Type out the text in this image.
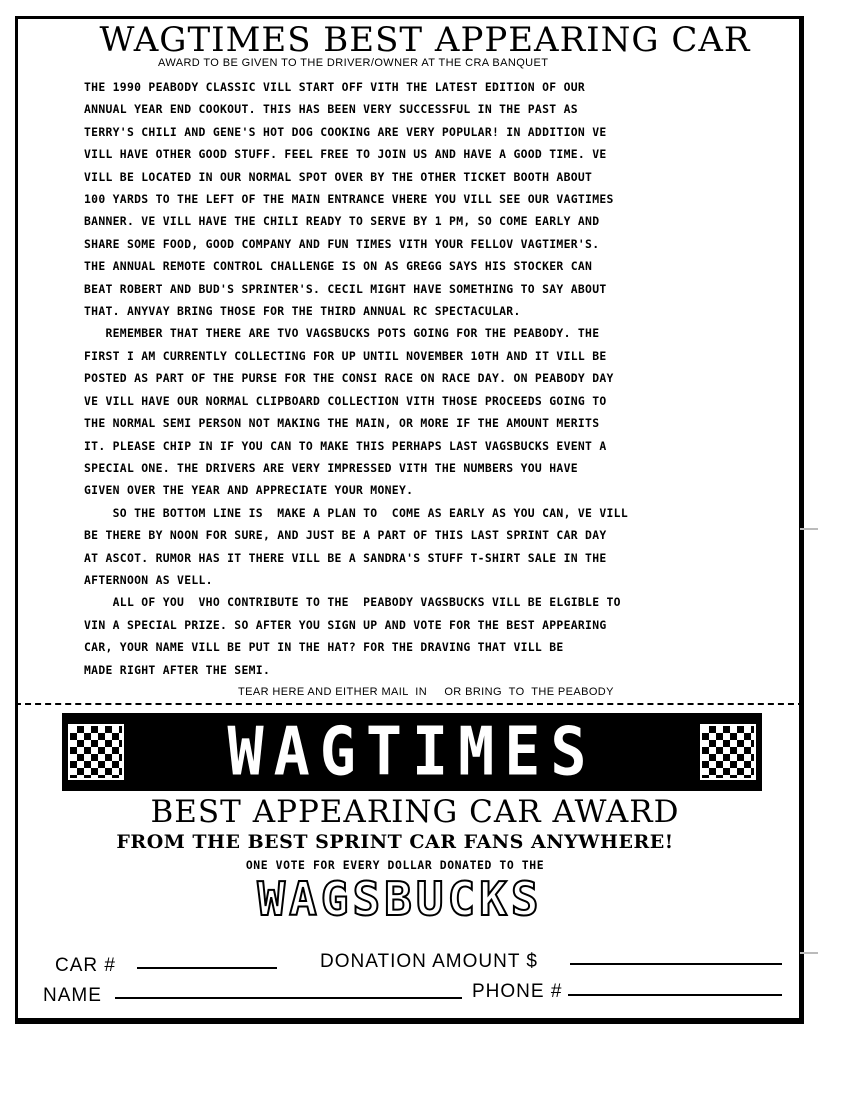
WAGTIMES BEST APPEARING CAR
AWARD TO BE GIVEN TO THE DRIVER/OWNER AT THE CRA BANQUET
THE 1990 PEABODY CLASSIC VILL START OFF VITH THE LATEST EDITION OF OUR
ANNUAL YEAR END COOKOUT. THIS HAS BEEN VERY SUCCESSFUL IN THE PAST AS
TERRY'S CHILI AND GENE'S HOT DOG COOKING ARE VERY POPULAR! IN ADDITION VE
VILL HAVE OTHER GOOD STUFF. FEEL FREE TO JOIN US AND HAVE A GOOD TIME. VE
VILL BE LOCATED IN OUR NORMAL SPOT OVER BY THE OTHER TICKET BOOTH ABOUT
100 YARDS TO THE LEFT OF THE MAIN ENTRANCE VHERE YOU VILL SEE OUR VAGTIMES
BANNER. VE VILL HAVE THE CHILI READY TO SERVE BY 1 PM, SO COME EARLY AND
SHARE SOME FOOD, GOOD COMPANY AND FUN TIMES VITH YOUR FELLOV VAGTIMER'S.
THE ANNUAL REMOTE CONTROL CHALLENGE IS ON AS GREGG SAYS HIS STOCKER CAN
BEAT ROBERT AND BUD'S SPRINTER'S. CECIL MIGHT HAVE SOMETHING TO SAY ABOUT
THAT. ANYVAY BRING THOSE FOR THE THIRD ANNUAL RC SPECTACULAR.
REMEMBER THAT THERE ARE TVO VAGSBUCKS POTS GOING FOR THE PEABODY. THE
FIRST I AM CURRENTLY COLLECTING FOR UP UNTIL NOVEMBER 10TH AND IT VILL BE
POSTED AS PART OF THE PURSE FOR THE CONSI RACE ON RACE DAY. ON PEABODY DAY
VE VILL HAVE OUR NORMAL CLIPBOARD COLLECTION VITH THOSE PROCEEDS GOING TO
THE NORMAL SEMI PERSON NOT MAKING THE MAIN, OR MORE IF THE AMOUNT MERITS
IT. PLEASE CHIP IN IF YOU CAN TO MAKE THIS PERHAPS LAST VAGSBUCKS EVENT A
SPECIAL ONE. THE DRIVERS ARE VERY IMPRESSED VITH THE NUMBERS YOU HAVE
GIVEN OVER THE YEAR AND APPRECIATE YOUR MONEY.
SO THE BOTTOM LINE IS  MAKE A PLAN TO  COME AS EARLY AS YOU CAN, VE VILL
BE THERE BY NOON FOR SURE, AND JUST BE A PART OF THIS LAST SPRINT CAR DAY
AT ASCOT. RUMOR HAS IT THERE VILL BE A SANDRA'S STUFF T-SHIRT SALE IN THE
AFTERNOON AS VELL.
ALL OF YOU  VHO CONTRIBUTE TO THE  PEABODY VAGSBUCKS VILL BE ELGIBLE TO
VIN A SPECIAL PRIZE. SO AFTER YOU SIGN UP AND VOTE FOR THE BEST APPEARING
CAR, YOUR NAME VILL BE PUT IN THE HAT? FOR THE DRAVING THAT VILL BE
MADE RIGHT AFTER THE SEMI.
TEAR HERE AND EITHER MAIL  IN     OR BRING  TO  THE PEABODY
WAGTIMES
BEST APPEARING CAR AWARD
FROM THE BEST SPRINT CAR FANS ANYWHERE!
ONE VOTE FOR EVERY DOLLAR DONATED TO THE
WAGSBUCKS
CAR #	DONATION AMOUNT $
NAME	PHONE #
